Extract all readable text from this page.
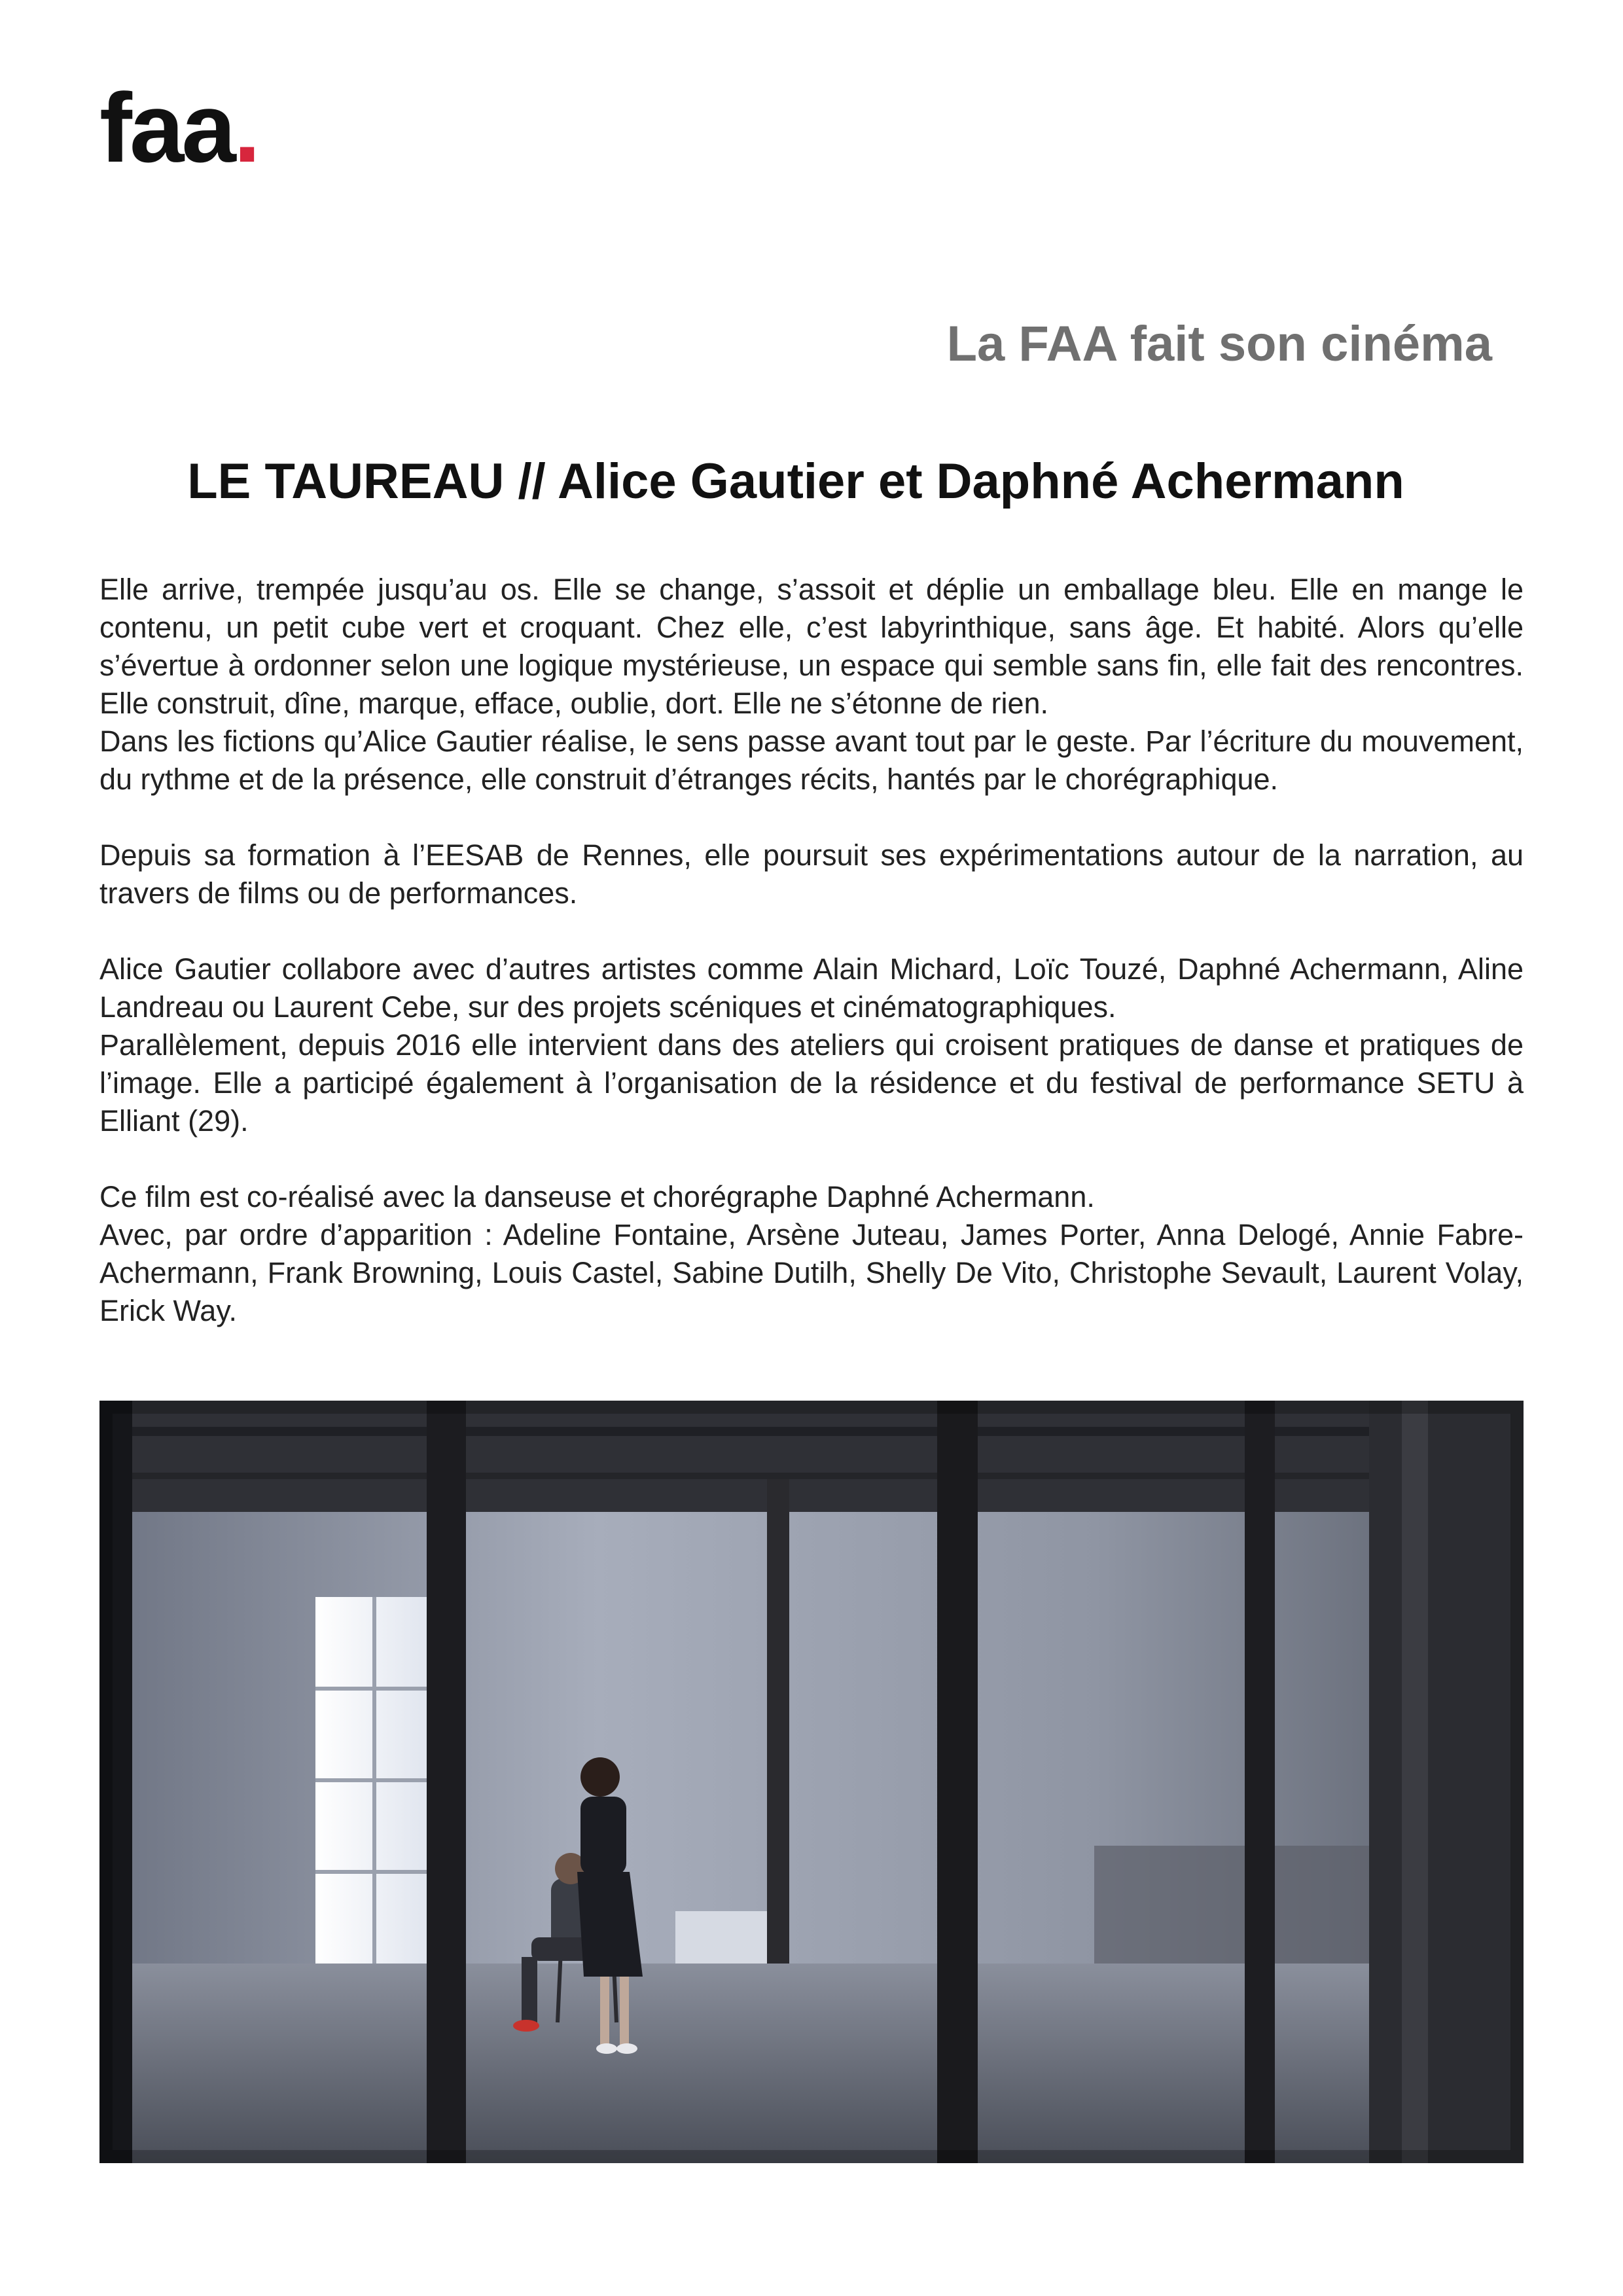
faa.
La FAA fait son cinéma
LE TAUREAU // Alice Gautier et Daphné Achermann

Elle arrive, trempée jusqu’au os. Elle se change, s’assoit et déplie un emballage bleu. Elle en mange le contenu, un petit cube vert et croquant. Chez elle, c’est labyrinthique, sans âge. Et habité. Alors qu’elle s’évertue à ordonner selon une logique mystérieuse, un espace qui semble sans fin, elle fait des rencontres. Elle construit, dîne, marque, efface, oublie, dort. Elle ne s’étonne de rien.

Dans les fictions qu’Alice Gautier réalise, le sens passe avant tout par le geste. Par l’écriture du mouvement, du rythme et de la présence, elle construit d’étranges récits, hantés par le chorégraphique.

Depuis sa formation à l’EESAB de Rennes, elle poursuit ses expérimentations autour de la narration, au travers de films ou de performances.

Alice Gautier collabore avec d’autres artistes comme Alain Michard, Loïc Touzé, Daphné Achermann, Aline Landreau ou Laurent Cebe, sur des projets scéniques et cinématographiques.

Parallèlement, depuis 2016 elle intervient dans des ateliers qui croisent pratiques de danse et pratiques de l’image. Elle a participé également à l’organisation de la résidence et du festival de performance SETU à Elliant (29).

Ce film est co-réalisé avec la danseuse et chorégraphe Daphné Achermann.

Avec, par ordre d’apparition : Adeline Fontaine, Arsène Juteau, James Porter, Anna Delogé, Annie Fabre-Achermann, Frank Browning, Louis Castel, Sabine Dutilh, Shelly De Vito, Christophe Sevault, Laurent Volay, Erick Way.
